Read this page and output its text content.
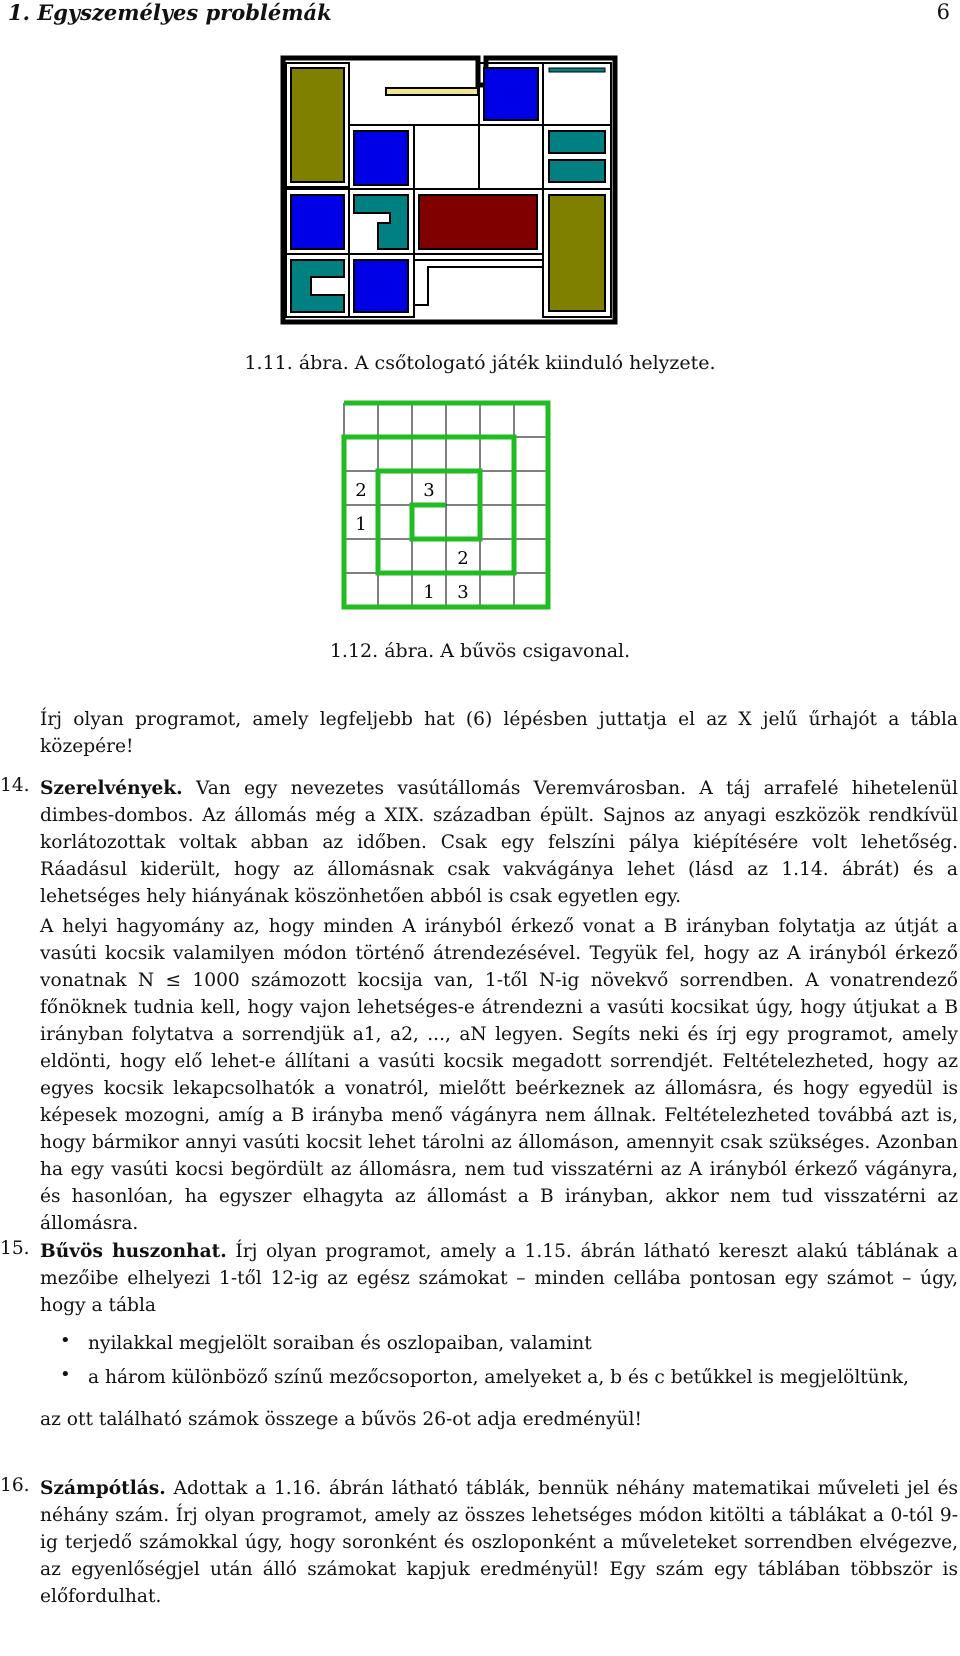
1. Egyszemélyes problémák	6
1.11. ábra. A csőtologató játék kiinduló helyzete.
2	3
1
2
1 3
1.12. ábra. A bűvös csigavonal.
Írj olyan programot, amely legfeljebb hat (6) lépésben juttatja el az X jelű űrhajót a tábla közepére!
14. Szerelvények. Van egy nevezetes vasútállomás Veremvárosban. A táj arrafelé hihetelenül dimbes-dombos. Az állomás még a XIX. században épült. Sajnos az anyagi eszközök rendkívül korlátozottak voltak abban az időben. Csak egy felszíni pálya kiépítésére volt lehetőség. Ráadásul kiderült, hogy az állomásnak csak vakvágánya lehet (lásd az 1.14. ábrát) és a lehetséges hely hiányának köszönhetően abból is csak egyetlen egy.
A helyi hagyomány az, hogy minden A irányból érkező vonat a B irányban folytatja az útját a vasúti kocsik valamilyen módon történő átrendezésével. Tegyük fel, hogy az A irányból érkező vonatnak N ≤ 1000 számozott kocsija van, 1-től N-ig növekvő sorrendben. A vonatrendező főnöknek tudnia kell, hogy vajon lehetséges-e átrendezni a vasúti kocsikat úgy, hogy útjukat a B irányban folytatva a sorrendjük a1, a2, ..., aN legyen. Segíts neki és írj egy programot, amely eldönti, hogy elő lehet-e állítani a vasúti kocsik megadott sorrendjét. Feltételezheted, hogy az egyes kocsik lekapcsolhatók a vonatról, mielőtt beérkeznek az állomásra, és hogy egyedül is képesek mozogni, amíg a B irányba menő vágányra nem állnak. Feltételezheted továbbá azt is, hogy bármikor annyi vasúti kocsit lehet tárolni az állomáson, amennyit csak szükséges. Azonban ha egy vasúti kocsi begördült az állomásra, nem tud visszatérni az A irányból érkező vágányra, és hasonlóan, ha egyszer elhagyta az állomást a B irányban, akkor nem tud visszatérni az állomásra.
15. Bűvös huszonhat. Írj olyan programot, amely a 1.15. ábrán látható kereszt alakú táblának a mezőibe elhelyezi 1-től 12-ig az egész számokat – minden cellába pontosan egy számot – úgy, hogy a tábla
• nyilakkal megjelölt soraiban és oszlopaiban, valamint
• a három különböző színű mezőcsoporton, amelyeket a, b és c betűkkel is megjelöltünk,
az ott található számok összege a bűvös 26-ot adja eredményül!
16. Számpótlás. Adottak a 1.16. ábrán látható táblák, bennük néhány matematikai műveleti jel és néhány szám. Írj olyan programot, amely az összes lehetséges módon kitölti a táblákat a 0-tól 9-ig terjedő számokkal úgy, hogy soronként és oszloponként a műveleteket sorrendben elvégezve, az egyenlőségjel után álló számokat kapjuk eredményül! Egy szám egy táblában többször is előfordulhat.
